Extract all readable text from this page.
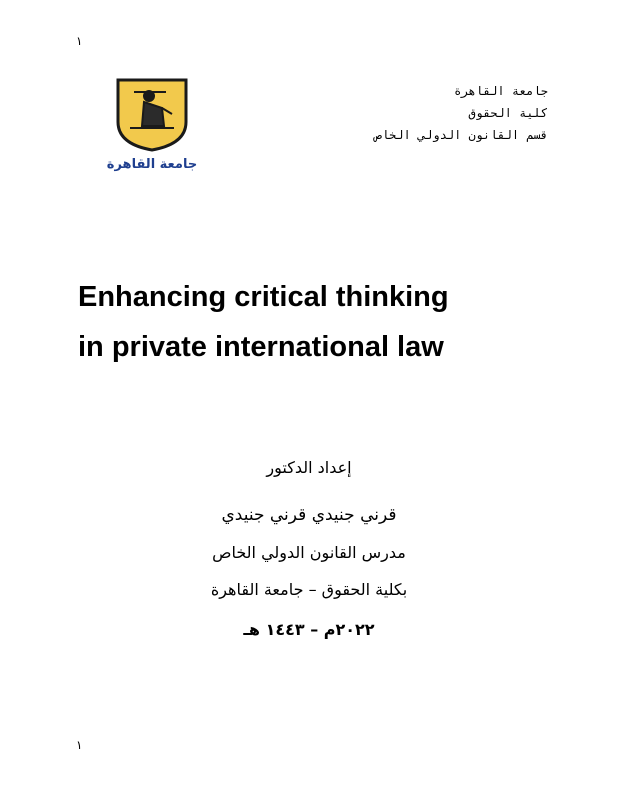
١
جامعة القاهرة
جامعة القاهرة
كلية الحقوق
قسم القانون الدولي الخاص
Enhancing critical thinking
in private international law
إعداد الدكتور
قرني جنيدي قرني جنيدي
مدرس القانون الدولي الخاص
بكلية الحقوق – جامعة القاهرة
٢٠٢٢م – ١٤٤٣ هـ
١
